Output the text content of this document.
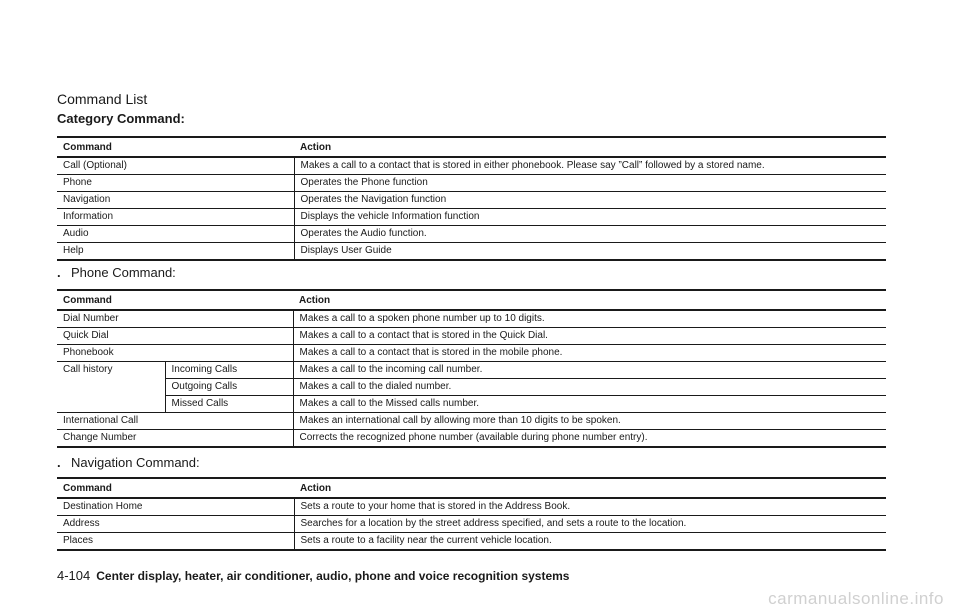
Command List
Category Command:
Command	Action
Call (Optional)	Makes a call to a contact that is stored in either phonebook. Please say ”Call” followed by a stored name.
Phone	Operates the Phone function
Navigation	Operates the Navigation function
Information	Displays the vehicle Information function
Audio	Operates the Audio function.
Help	Displays User Guide
. Phone Command:
Command		Action
Dial Number		Makes a call to a spoken phone number up to 10 digits.
Quick Dial		Makes a call to a contact that is stored in the Quick Dial.
Phonebook		Makes a call to a contact that is stored in the mobile phone.
Call history	Incoming Calls	Makes a call to the incoming call number.
	Outgoing Calls	Makes a call to the dialed number.
	Missed Calls	Makes a call to the Missed calls number.
International Call		Makes an international call by allowing more than 10 digits to be spoken.
Change Number		Corrects the recognized phone number (available during phone number entry).
. Navigation Command:
Command	Action
Destination Home	Sets a route to your home that is stored in the Address Book.
Address	Searches for a location by the street address specified, and sets a route to the location.
Places	Sets a route to a facility near the current vehicle location.
4-104 Center display, heater, air conditioner, audio, phone and voice recognition systems
carmanualsonline.info
